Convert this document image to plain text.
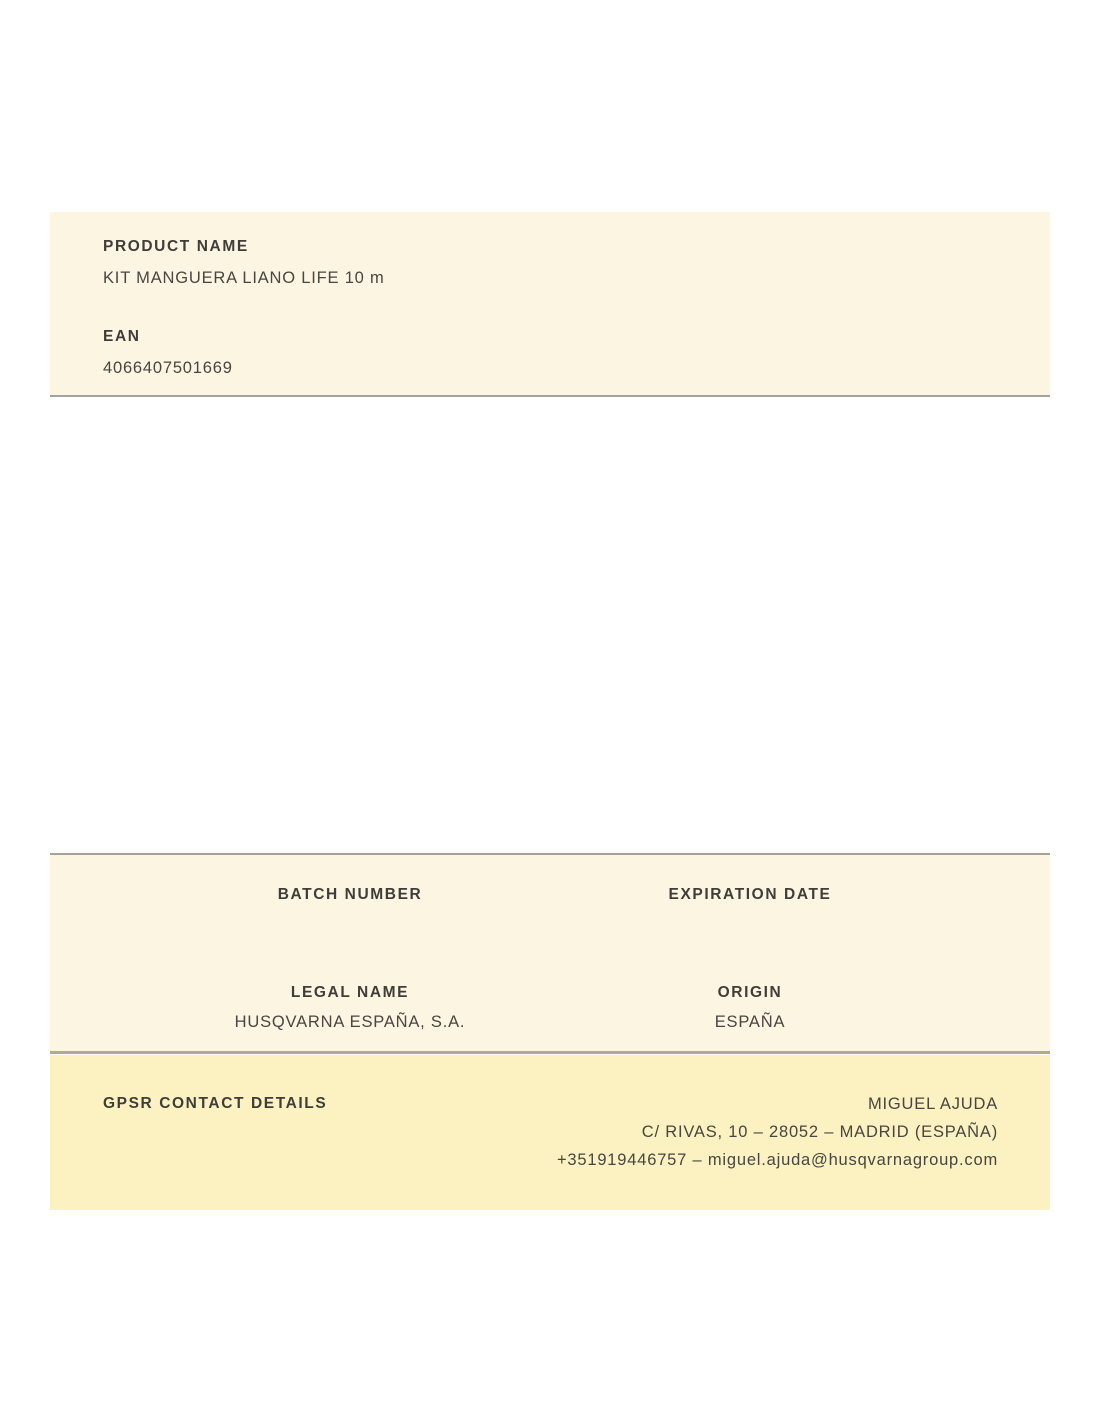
PRODUCT NAME
KIT MANGUERA LIANO LIFE 10 m
EAN
4066407501669
BATCH NUMBER	EXPIRATION DATE
LEGAL NAME
HUSQVARNA ESPAÑA, S.A.
ORIGIN
ESPAÑA
GPSR CONTACT DETAILS	MIGUEL AJUDA
C/ RIVAS, 10 – 28052 – MADRID (ESPAÑA)
+351919446757 – miguel.ajuda@husqvarnagroup.com
